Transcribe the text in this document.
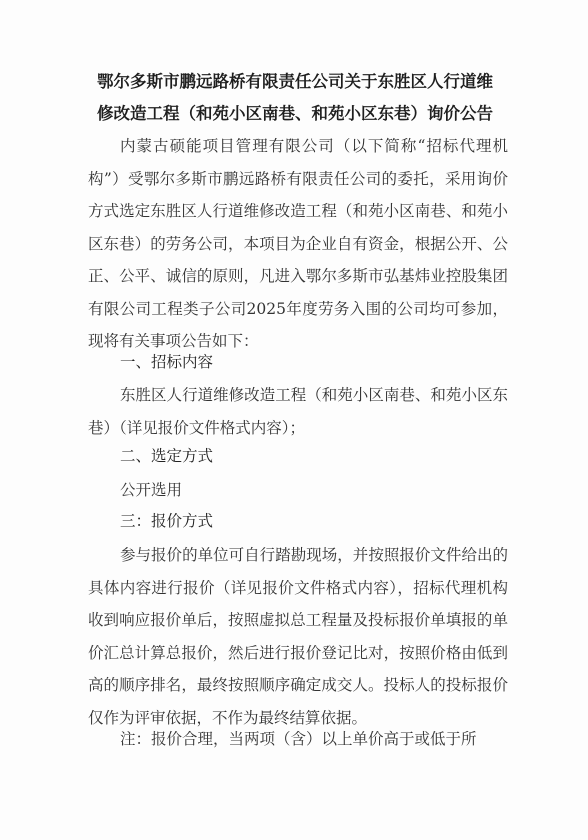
鄂尔多斯市鹏远路桥有限责任公司关于东胜区人行道维
修改造工程（和苑小区南巷、和苑小区东巷）询价公告

内蒙古硕能项目管理有限公司（以下简称“招标代理机构”）受鄂尔多斯市鹏远路桥有限责任公司的委托，采用询价方式选定东胜区人行道维修改造工程（和苑小区南巷、和苑小区东巷）的劳务公司，本项目为企业自有资金，根据公开、公正、公平、诚信的原则，凡进入鄂尔多斯市弘基炜业控股集团有限公司工程类子公司2025年度劳务入围的公司均可参加，现将有关事项公告如下：

一、招标内容

东胜区人行道维修改造工程（和苑小区南巷、和苑小区东巷）（详见报价文件格式内容）；

二、选定方式
公开选用
三：报价方式

参与报价的单位可自行踏勘现场，并按照报价文件给出的具体内容进行报价（详见报价文件格式内容），招标代理机构收到响应报价单后，按照虚拟总工程量及投标报价单填报的单价汇总计算总报价，然后进行报价登记比对，按照价格由低到高的顺序排名，最终按照顺序确定成交人。投标人的投标报价仅作为评审依据，不作为最终结算依据。

注：报价合理，当两项（含）以上单价高于或低于所
